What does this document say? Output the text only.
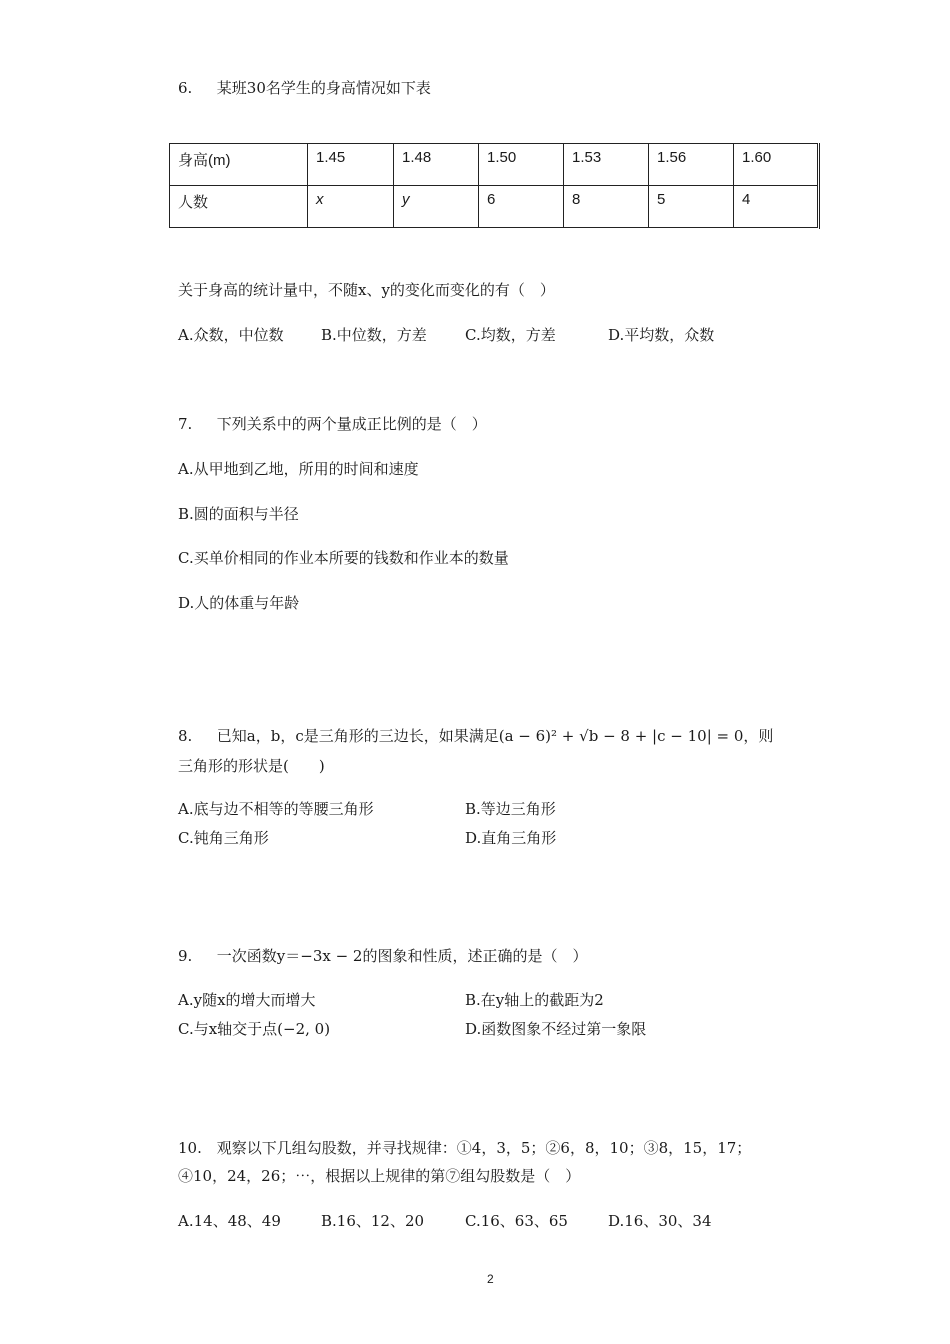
6. 某班30名学生的身高情况如下表
身高(m)	1.45	1.48	1.50	1.53	1.56	1.60
人数	x	y	6	8	5	4
关于身高的统计量中，不随x、y的变化而变化的有（　）
A.众数，中位数 B.中位数，方差	C.均数，方差	D.平均数，众数
7. 下列关系中的两个量成正比例的是（　）
A.从甲地到乙地，所用的时间和速度
B.圆的面积与半径
C.买单价相同的作业本所要的钱数和作业本的数量
D.人的体重与年龄
8. 已知a，b，c是三角形的三边长，如果满足(a − 6)² + √b − 8 + |c − 10| = 0，则
三角形的形状是(　　)
A.底与边不相等的等腰三角形	B.等边三角形
C.钝角三角形	D.直角三角形
9. 一次函数y＝−3x − 2的图象和性质，述正确的是（　）
A.y随x的增大而增大	B.在y轴上的截距为2
C.与x轴交于点(−2, 0)	D.函数图象不经过第一象限
10. 观察以下几组勾股数，并寻找规律：①4，3，5；②6，8，10；③8，15，17；
④10，24，26；⋯，根据以上规律的第⑦组勾股数是（　）
A.14、48、49	B.16、12、20	C.16、63、65	D.16、30、34
2
